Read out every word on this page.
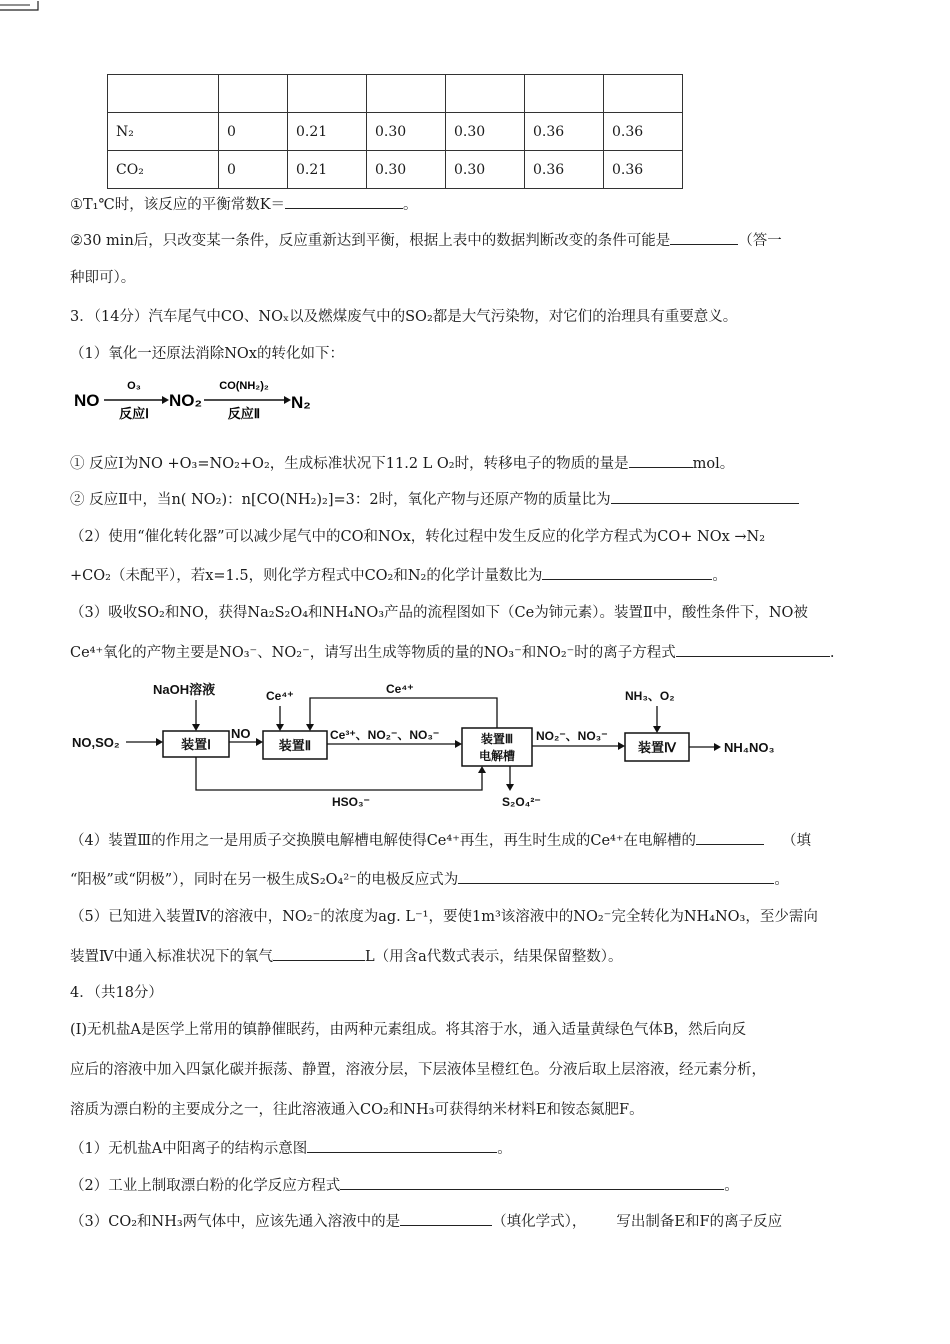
N₂	0	0.21	0.30	0.30	0.36	0.36
CO₂	0	0.21	0.30	0.30	0.36	0.36
①T₁℃时，该反应的平衡常数K＝	。
②30 min后，只改变某一条件，反应重新达到平衡，根据上表中的数据判断改变的条件可能是	（答一
种即可）。
3．（14分）汽车尾气中CO、NOₓ以及燃煤废气中的SO₂都是大气污染物，对它们的治理具有重要意义。
（1）氧化一还原法消除NOx的转化如下：
NO
O₃
反应Ⅰ
NO₂
CO(NH₂)₂
反应Ⅱ
N₂
① 反应Ⅰ为NO +O₃=NO₂+O₂，生成标准状况下11.2 L O₂时，转移电子的物质的量是	mol。
② 反应Ⅱ中，当n( NO₂)：n[CO(NH₂)₂]=3：2时，氧化产物与还原产物的质量比为
（2）使用“催化转化器”可以减少尾气中的CO和NOx，转化过程中发生反应的化学方程式为CO+ NOx →N₂
+CO₂（未配平），若x=1.5，则化学方程式中CO₂和N₂的化学计量数比为	。
（3）吸收SO₂和NO，获得Na₂S₂O₄和NH₄NO₃产品的流程图如下（Ce为铈元素）。装置Ⅱ中，酸性条件下，NO被
Ce⁴⁺氧化的产物主要是NO₃⁻、NO₂⁻，请写出生成等物质的量的NO₃⁻和NO₂⁻时的离子方程式	.
NO,SO₂
NaOH溶液
装置Ⅰ
NO
Ce⁴⁺
装置Ⅱ
Ce⁴⁺
Ce³⁺、NO₂⁻、NO₃⁻	装置Ⅲ
电解槽
NO₂⁻、NO₃⁻
S₂O₄²⁻
HSO₃⁻
NH₃、O₂
装置Ⅳ	NH₄NO₃
（4）装置Ⅲ的作用之一是用质子交换膜电解槽电解使得Ce⁴⁺再生，再生时生成的Ce⁴⁺在电解槽的	（填
“阳极”或“阴极”），同时在另一极生成S₂O₄²⁻的电极反应式为	。
（5）已知进入装置Ⅳ的溶液中，NO₂⁻的浓度为ag. L⁻¹，要使1m³该溶液中的NO₂⁻完全转化为NH₄NO₃，至少需向
装置Ⅳ中通入标准状况下的氧气	L（用含a代数式表示，结果保留整数）。
4．（共18分）
(Ⅰ)无机盐A是医学上常用的镇静催眠药，由两种元素组成。将其溶于水，通入适量黄绿色气体B，然后向反
应后的溶液中加入四氯化碳并振荡、静置，溶液分层，下层液体呈橙红色。分液后取上层溶液，经元素分析，
溶质为漂白粉的主要成分之一，往此溶液通入CO₂和NH₃可获得纳米材料E和铵态氮肥F。
（1）无机盐A中阳离子的结构示意图	。
（2）工业上制取漂白粉的化学反应方程式	。
（3）CO₂和NH₃两气体中，应该先通入溶液中的是	（填化学式）， 写出制备E和F的离子反应
